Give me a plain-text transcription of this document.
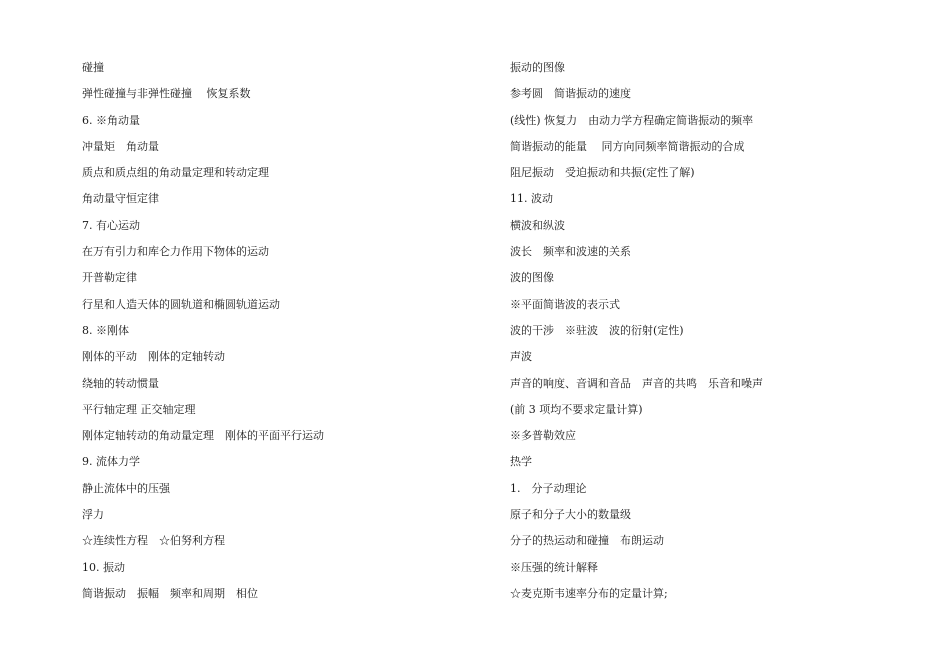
碰撞
弹性碰撞与非弹性碰撞　 恢复系数
6. ※角动量
冲量矩　角动量
质点和质点组的角动量定理和转动定理
角动量守恒定律
7. 有心运动
在万有引力和库仑力作用下物体的运动
开普勒定律
行星和人造天体的圆轨道和椭圆轨道运动
8. ※刚体
刚体的平动　刚体的定轴转动
绕轴的转动惯量
平行轴定理 正交轴定理
刚体定轴转动的角动量定理　刚体的平面平行运动
9. 流体力学
静止流体中的压强
浮力
☆连续性方程　☆伯努利方程
10. 振动
简谐振动　振幅　频率和周期　相位
振动的图像
参考圆　简谐振动的速度
(线性) 恢复力　由动力学方程确定简谐振动的频率
简谐振动的能量　 同方向同频率简谐振动的合成
阻尼振动　受迫振动和共振(定性了解)
11. 波动
横波和纵波
波长　频率和波速的关系
波的图像
※平面简谐波的表示式
波的干涉　※驻波　波的衍射(定性)
声波
声音的响度、音调和音品　声音的共鸣　乐音和噪声
(前 3 项均不要求定量计算)
※多普勒效应
热学
1.　分子动理论
原子和分子大小的数量级
分子的热运动和碰撞　布朗运动
※压强的统计解释
☆麦克斯韦速率分布的定量计算;
